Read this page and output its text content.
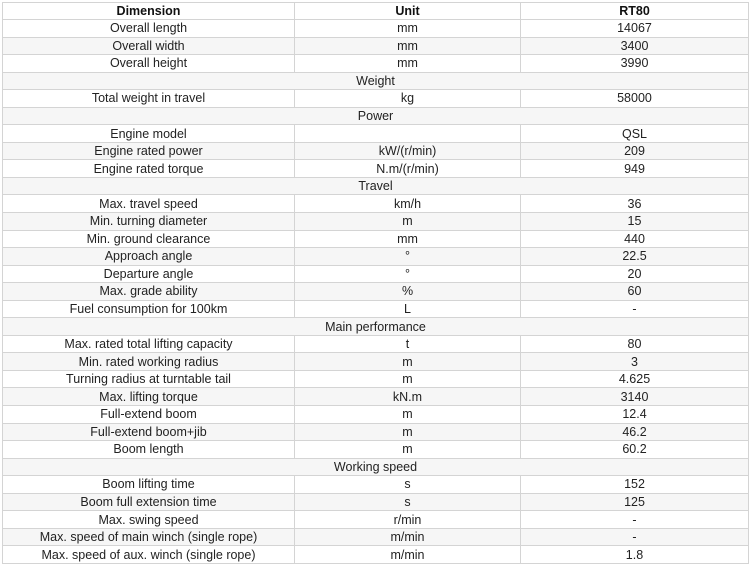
Dimension	Unit	RT80
Overall length	mm	14067
Overall width	mm	3400
Overall height	mm	3990
Weight		
Total weight in travel	kg	58000
Power		
Engine model		QSL
Engine rated power	kW/(r/min)	209
Engine rated torque	N.m/(r/min)	949
Travel		
Max. travel speed	km/h	36
Min. turning diameter	m	15
Min. ground clearance	mm	440
Approach angle	°	22.5
Departure angle	°	20
Max. grade ability	%	60
Fuel consumption for 100km	L	-
Main performance		
Max. rated total lifting capacity	t	80
Min. rated working radius	m	3
Turning radius at turntable tail	m	4.625
Max. lifting torque	kN.m	3140
Full-extend boom	m	12.4
Full-extend boom+jib	m	46.2
Boom length	m	60.2
Working speed		
Boom lifting time	s	152
Boom full extension time	s	125
Max. swing speed	r/min	-
Max. speed of main winch (single rope)	m/min	-
Max. speed of aux. winch (single rope)	m/min	1.8
